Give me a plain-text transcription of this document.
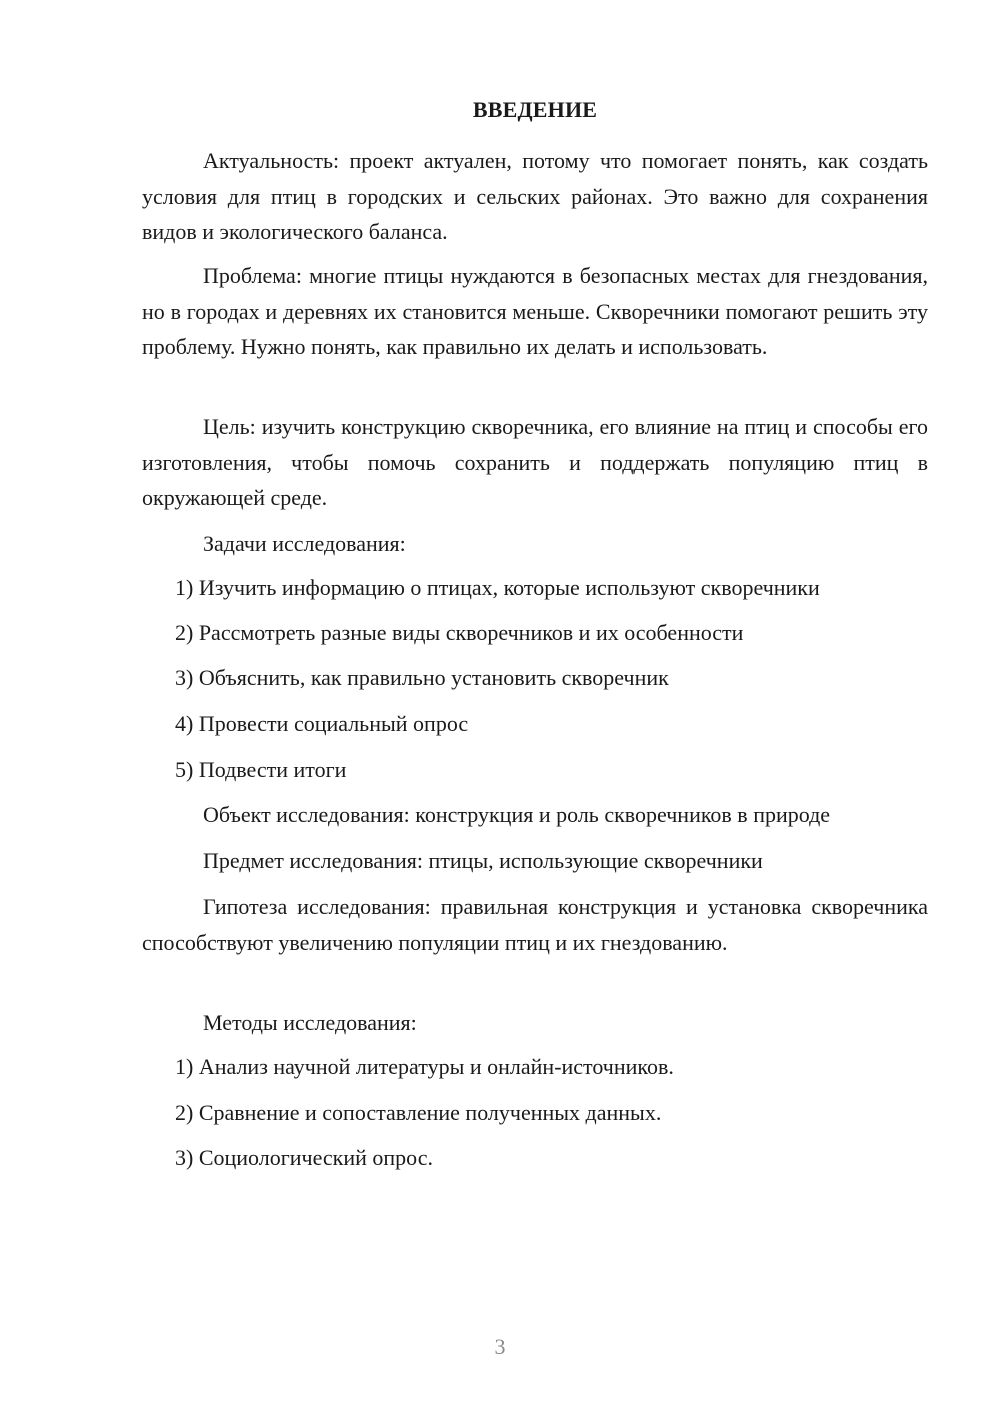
ВВЕДЕНИЕ

Актуальность: проект актуален, потому что помогает понять, как создать условия для птиц в городских и сельских районах. Это важно для сохранения видов и экологического баланса.

Проблема: многие птицы нуждаются в безопасных местах для гнездования, но в городах и деревнях их становится меньше. Скворечники помогают решить эту проблему. Нужно понять, как правильно их делать и использовать.

Цель: изучить конструкцию скворечника, его влияние на птиц и способы его изготовления, чтобы помочь сохранить и поддержать популяцию птиц в окружающей среде.

Задачи исследования:

1) Изучить информацию о птицах, которые используют скворечники

2) Рассмотреть разные виды скворечников и их особенности

3) Объяснить, как правильно установить скворечник

4) Провести социальный опрос

5) Подвести итоги

Объект исследования: конструкция и роль скворечников в природе

Предмет исследования: птицы, использующие скворечники

Гипотеза исследования: правильная конструкция и установка скворечника способствуют увеличению популяции птиц и их гнездованию.

Методы исследования:

1) Анализ научной литературы и онлайн-источников.

2) Сравнение и сопоставление полученных данных.

3) Социологический опрос.

3
